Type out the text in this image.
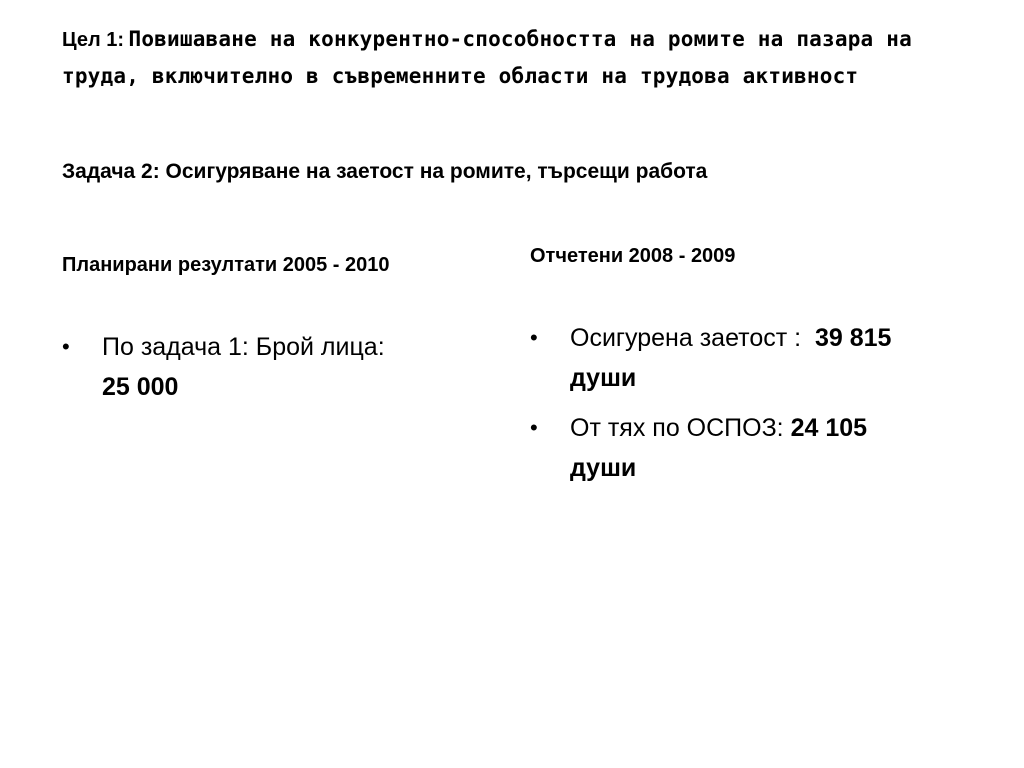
Цел 1: Повишаване на конкурентно-способността на ромите на пазара на труда, включително в съвременните области на трудова активност
Задача 2: Осигуряване на заетост на ромите, търсещи работа
Планирани резултати 2005 - 2010	Отчетени 2008 - 2009
• По задача 1: Брой лица:
25 000
• Осигурена заетост : 39 815
души
• От тях по ОСПОЗ: 24 105
души
